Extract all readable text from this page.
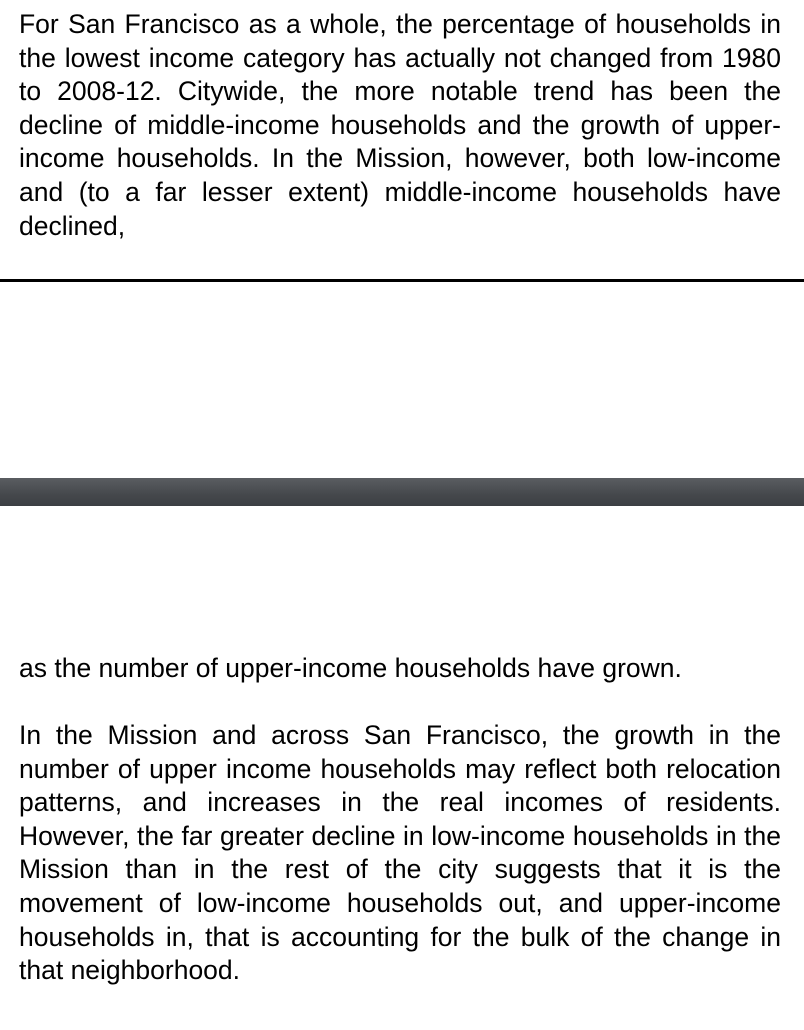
For San Francisco as a whole, the percentage of households in the lowest income category has actually not changed from 1980 to 2008-12. Citywide, the more notable trend has been the decline of middle-income households and the growth of upper-income households. In the Mission, however, both low-income and (to a far lesser extent) middle-income households have declined,

as the number of upper-income households have grown.

In the Mission and across San Francisco, the growth in the number of upper income households may reflect both relocation patterns, and increases in the real incomes of residents. However, the far greater decline in low-income households in the Mission than in the rest of the city suggests that it is the movement of low-income households out, and upper-income households in, that is accounting for the bulk of the change in that neighborhood.
